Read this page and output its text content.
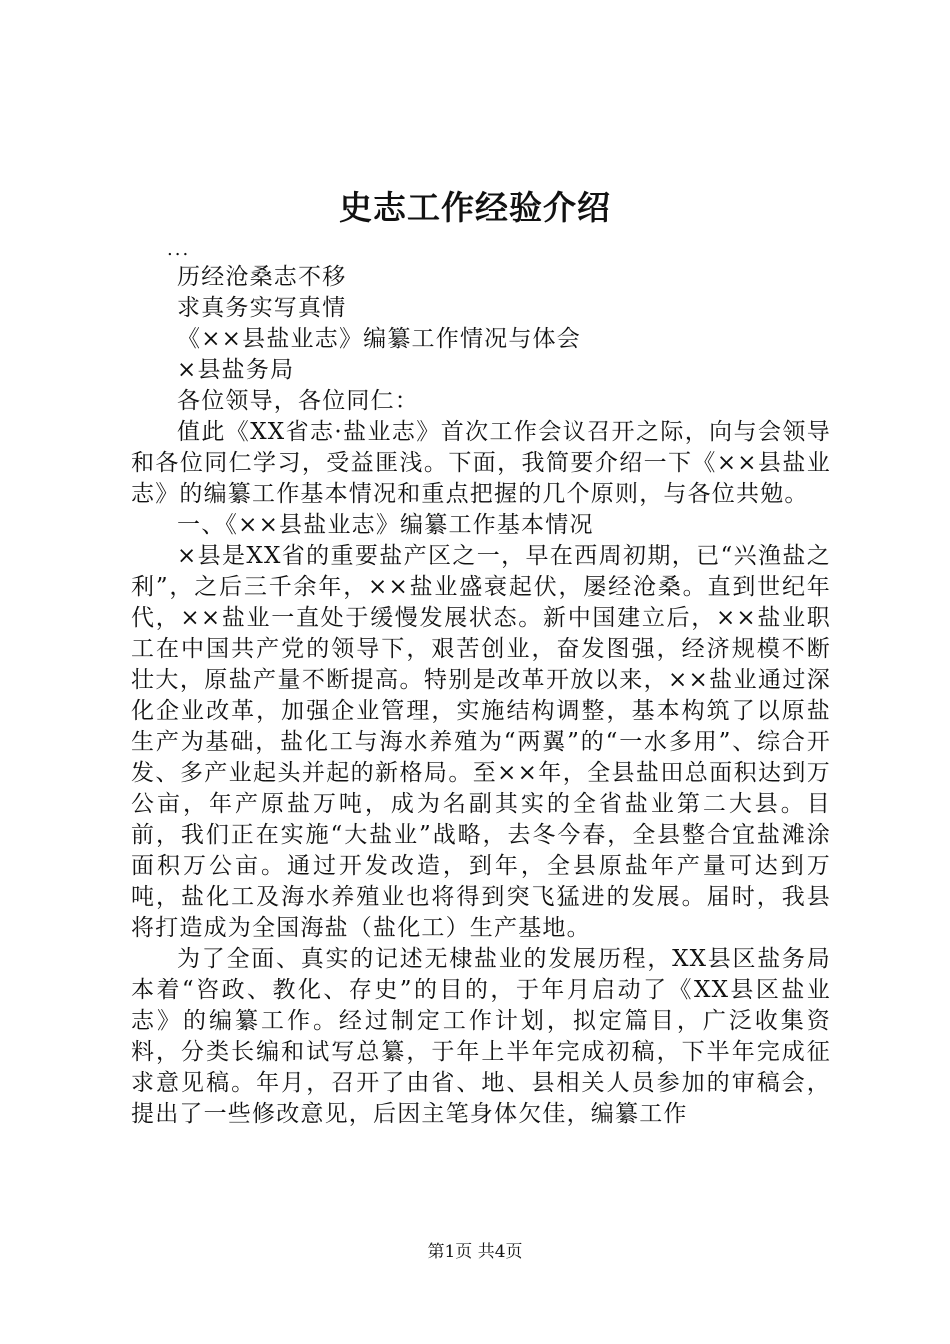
史志工作经验介绍

...

历经沧桑志不移

求真务实写真情

《××县盐业志》编纂工作情况与体会

×县盐务局

各位领导，各位同仁：

值此《XX省志·盐业志》首次工作会议召开之际，向与会领导和各位同仁学习，受益匪浅。下面，我简要介绍一下《××县盐业志》的编纂工作基本情况和重点把握的几个原则，与各位共勉。

一、《××县盐业志》编纂工作基本情况

×县是XX省的重要盐产区之一，早在西周初期，已“兴渔盐之利”，之后三千余年，××盐业盛衰起伏，屡经沧桑。直到世纪年代，××盐业一直处于缓慢发展状态。新中国建立后，××盐业职工在中国共产党的领导下，艰苦创业，奋发图强，经济规模不断壮大，原盐产量不断提高。特别是改革开放以来，××盐业通过深化企业改革，加强企业管理，实施结构调整，基本构筑了以原盐生产为基础，盐化工与海水养殖为“两翼”的“一水多用”、综合开发、多产业起头并起的新格局。至××年，全县盐田总面积达到万公亩，年产原盐万吨，成为名副其实的全省盐业第二大县。目前，我们正在实施“大盐业”战略，去冬今春，全县整合宜盐滩涂面积万公亩。通过开发改造，到年，全县原盐年产量可达到万吨，盐化工及海水养殖业也将得到突飞猛进的发展。届时，我县将打造成为全国海盐（盐化工）生产基地。

为了全面、真实的记述无棣盐业的发展历程，XX县区盐务局本着“咨政、教化、存史”的目的，于年月启动了《XX县区盐业志》的编纂工作。经过制定工作计划，拟定篇目，广泛收集资料，分类长编和试写总纂，于年上半年完成初稿，下半年完成征求意见稿。年月，召开了由省、地、县相关人员参加的审稿会，提出了一些修改意见，后因主笔身体欠佳，编纂工作

第1页 共4页
